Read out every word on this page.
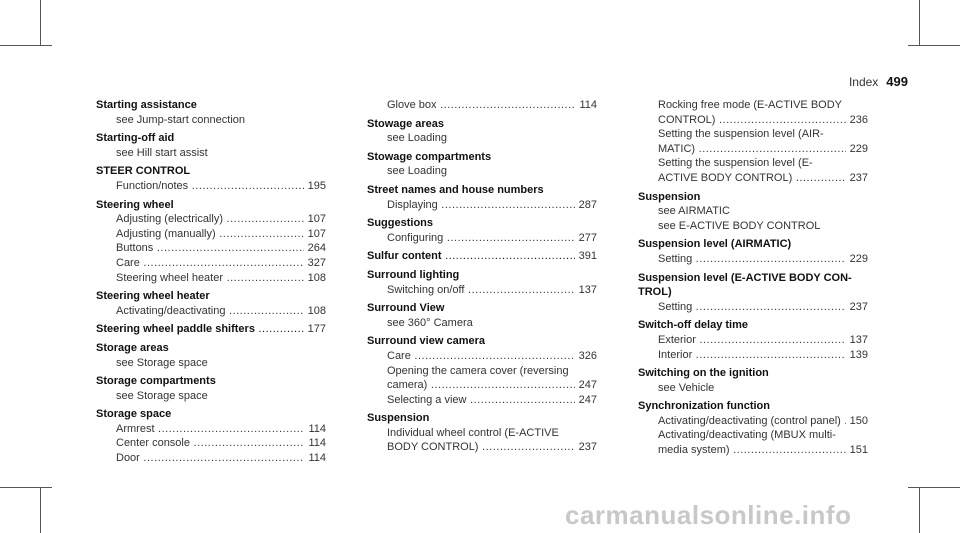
Index 499
Starting assistance
see Jump-start connection
Starting-off aid
see Hill start assist
STEER CONTROL
Function/notes .....	195
Steering wheel
Adjusting (electrically) .....	107
Adjusting (manually) .....	107
Buttons .....	264
Care .....	327
Steering wheel heater .....	108
Steering wheel heater
Activating/deactivating .....	108
Steering wheel paddle shifters .....	177
Storage areas
see Storage space
Storage compartments
see Storage space
Storage space
Armrest .....	114
Center console .....	114
Door .....	114
Glove box .....	114
Stowage areas
see Loading
Stowage compartments
see Loading
Street names and house numbers
Displaying .....	287
Suggestions
Configuring .....	277
Sulfur content .....	391
Surround lighting
Switching on/off .....	137
Surround View
see 360° Camera
Surround view camera
Care .....	326
Opening the camera cover (reversing
camera) .....	247
Selecting a view .....	247
Suspension
Individual wheel control (E-ACTIVE
BODY CONTROL) .....	237
Rocking free mode (E-ACTIVE BODY
CONTROL) .....	236
Setting the suspension level (AIR-
MATIC) .....	229
Setting the suspension level (E-
ACTIVE BODY CONTROL) .....	237
Suspension
see AIRMATIC
see E-ACTIVE BODY CONTROL
Suspension level (AIRMATIC)
Setting .....	229
Suspension level (E-ACTIVE BODY CON-
TROL)
Setting .....	237
Switch-off delay time
Exterior .....	137
Interior .....	139
Switching on the ignition
see Vehicle
Synchronization function
Activating/deactivating (control panel) ..... 150
Activating/deactivating (MBUX multi-
media system) .....	151
carmanualsonline.info
